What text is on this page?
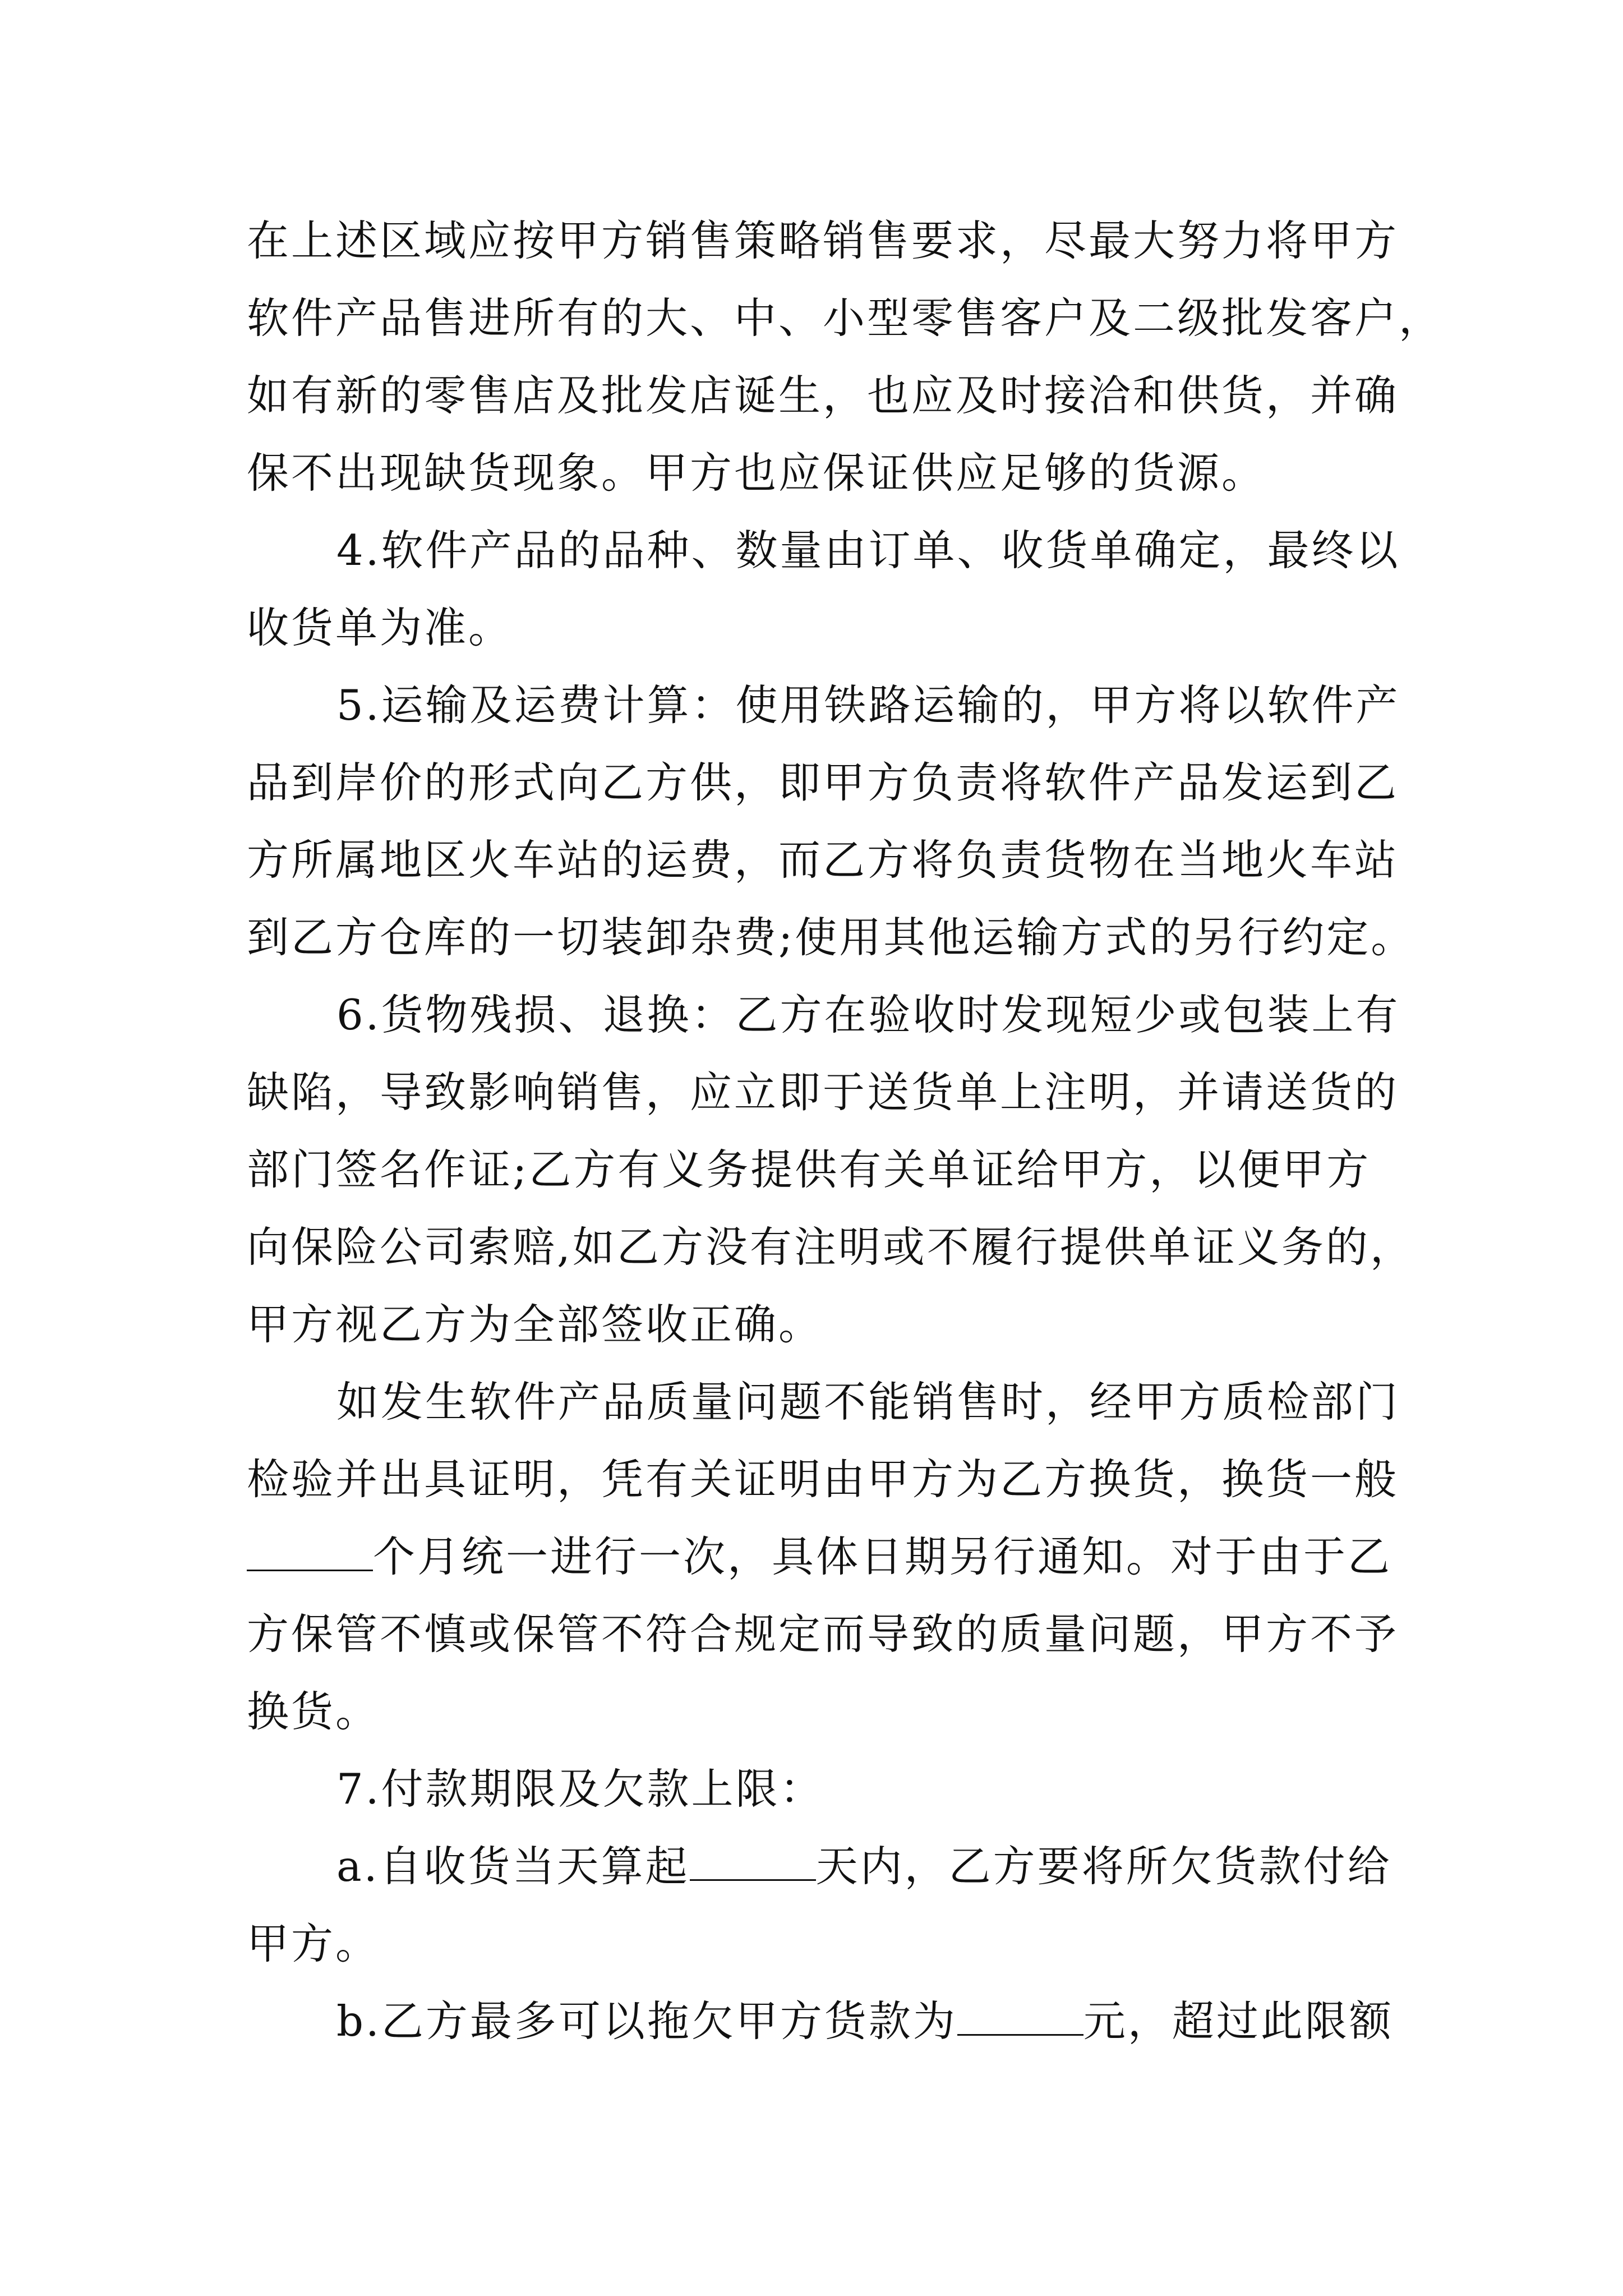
在上述区域应按甲方销售策略销售要求，尽最大努力将甲方
软件产品售进所有的大、中、小型零售客户及二级批发客户，
如有新的零售店及批发店诞生，也应及时接洽和供货，并确
保不出现缺货现象。甲方也应保证供应足够的货源。

4.软件产品的品种、数量由订单、收货单确定，最终以
收货单为准。

5.运输及运费计算：使用铁路运输的，甲方将以软件产
品到岸价的形式向乙方供，即甲方负责将软件产品发运到乙
方所属地区火车站的运费，而乙方将负责货物在当地火车站
到乙方仓库的一切装卸杂费;使用其他运输方式的另行约定。

6.货物残损、退换：乙方在验收时发现短少或包装上有
缺陷，导致影响销售，应立即于送货单上注明，并请送货的
部门签名作证;乙方有义务提供有关单证给甲方，以便甲方
向保险公司索赔,如乙方没有注明或不履行提供单证义务的，
甲方视乙方为全部签收正确。

如发生软件产品质量问题不能销售时，经甲方质检部门
检验并出具证明，凭有关证明由甲方为乙方换货，换货一般
个月统一进行一次，具体日期另行通知。对于由于乙
方保管不慎或保管不符合规定而导致的质量问题，甲方不予
换货。

7.付款期限及欠款上限：

a.自收货当天算起	天内，乙方要将所欠货款付给
甲方。

b.乙方最多可以拖欠甲方货款为	元，超过此限额
